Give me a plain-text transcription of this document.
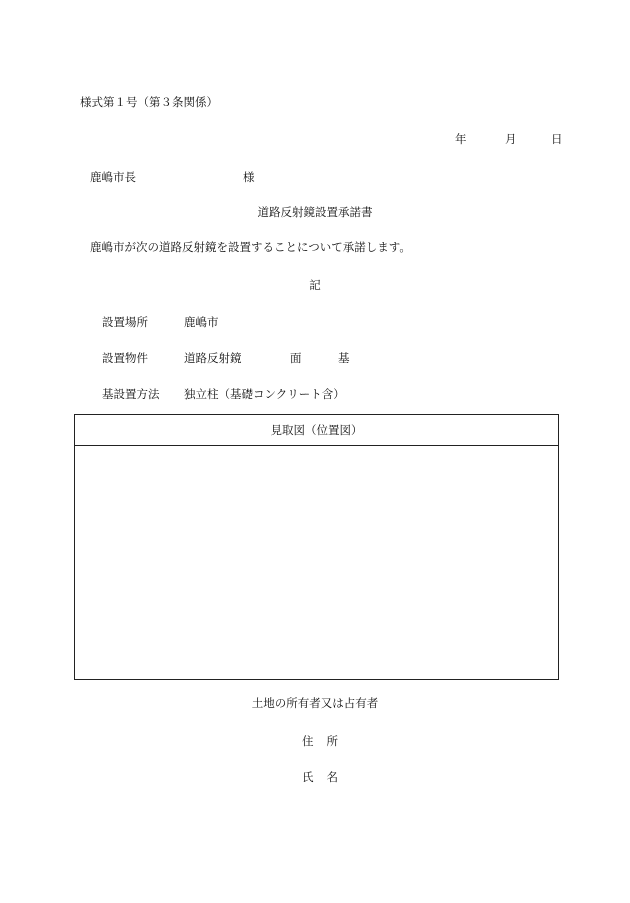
様式第１号（第３条関係）
年	月	日
鹿嶋市長	様
道路反射鏡設置承諾書
鹿嶋市が次の道路反射鏡を設置することについて承諾します。
記
設置場所	鹿嶋市
設置物件	道路反射鏡	面	基
基設置方法 独立柱（基礎コンクリート含）
見取図（位置図）
土地の所有者又は占有者
住 所
氏 名
